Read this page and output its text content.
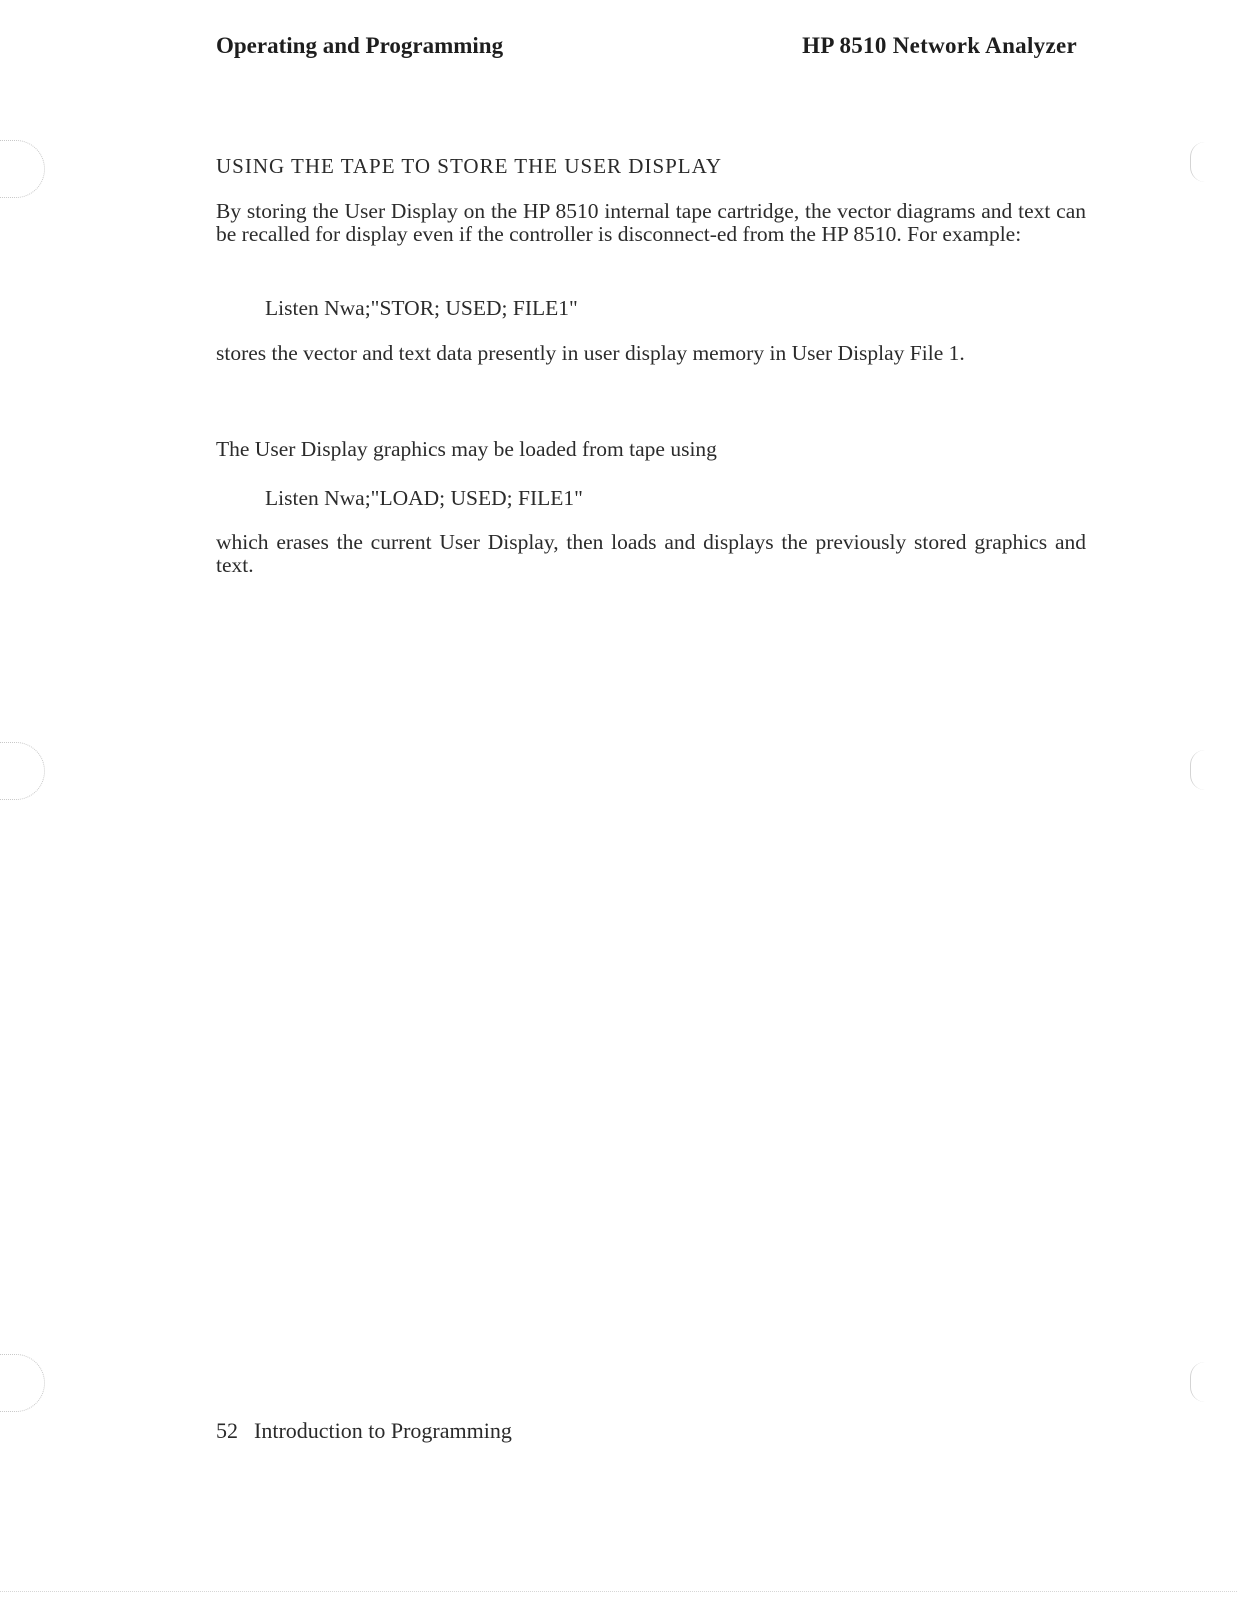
Operating and Programming	HP 8510 Network Analyzer
USING THE TAPE TO STORE THE USER DISPLAY
By storing the User Display on the HP 8510 internal tape cartridge, the vector diagrams and text can be recalled for display even if the controller is disconnect-ed from the HP 8510. For example:
Listen Nwa;"STOR; USED; FILE1"
stores the vector and text data presently in user display memory in User Display File 1.
The User Display graphics may be loaded from tape using
Listen Nwa;"LOAD; USED; FILE1"
which erases the current User Display, then loads and displays the previously stored graphics and text.
52 Introduction to Programming
